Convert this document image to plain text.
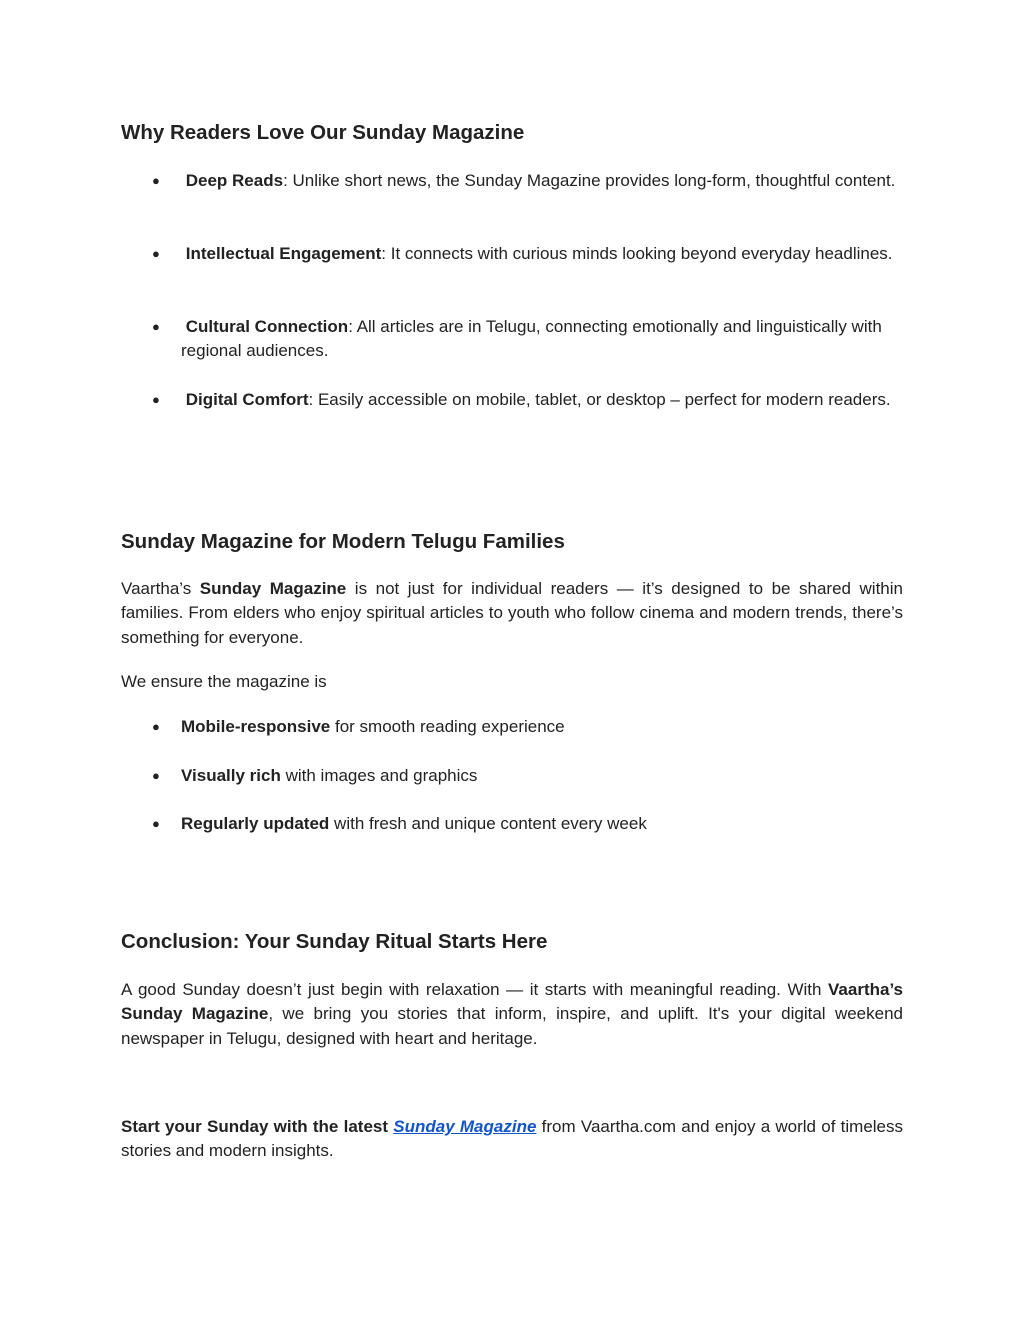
Why Readers Love Our Sunday Magazine
●	Deep Reads: Unlike short news, the Sunday Magazine provides long-form, thoughtful content.
●	Intellectual Engagement: It connects with curious minds looking beyond everyday headlines.
●	Cultural Connection: All articles are in Telugu, connecting emotionally and linguistically with regional audiences.
●	Digital Comfort: Easily accessible on mobile, tablet, or desktop – perfect for modern readers.
Sunday Magazine for Modern Telugu Families

Vaartha’s Sunday Magazine is not just for individual readers — it’s designed to be shared within families. From elders who enjoy spiritual articles to youth who follow cinema and modern trends, there’s something for everyone.

We ensure the magazine is

●	Mobile-responsive for smooth reading experience
●	Visually rich with images and graphics
●	Regularly updated with fresh and unique content every week
Conclusion: Your Sunday Ritual Starts Here

A good Sunday doesn’t just begin with relaxation — it starts with meaningful reading. With Vaartha’s Sunday Magazine, we bring you stories that inform, inspire, and uplift. It's your digital weekend newspaper in Telugu, designed with heart and heritage.

Start your Sunday with the latest Sunday Magazine from Vaartha.com and enjoy a world of timeless stories and modern insights.
